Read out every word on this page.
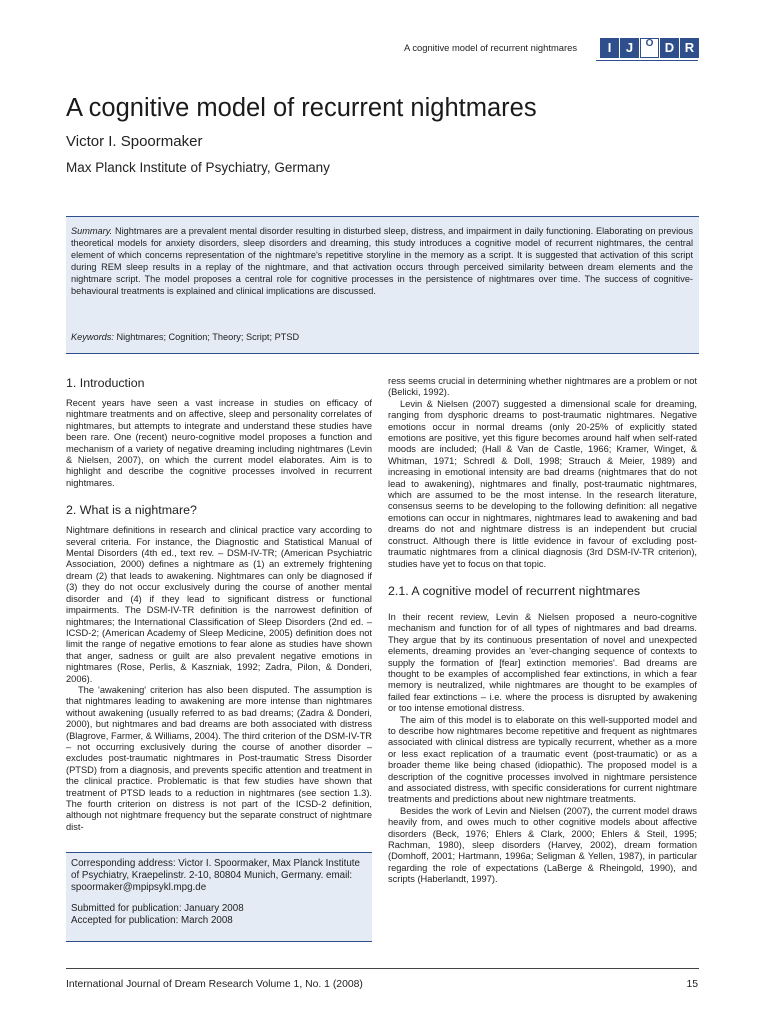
A cognitive model of recurrent nightmares	I	J	O D R
A cognitive model of recurrent nightmares
Victor I. Spoormaker
Max Planck Institute of Psychiatry, Germany
Summary. Nightmares are a prevalent mental disorder resulting in disturbed sleep, distress, and impairment in daily functioning. Elaborating on previous theoretical models for anxiety disorders, sleep disorders and dreaming, this study introduces a cognitive model of recurrent nightmares, the central element of which concerns representation of the nightmare's repetitive storyline in the memory as a script. It is suggested that activation of this script during REM sleep results in a replay of the nightmare, and that activation occurs through perceived similarity between dream elements and the nightmare script. The model proposes a central role for cognitive processes in the persistence of nightmares over time. The success of cognitive-behavioural treatments is explained and clinical implications are discussed.
Keywords: Nightmares; Cognition; Theory; Script; PTSD
1. Introduction

Recent years have seen a vast increase in studies on efficacy of nightmare treatments and on affective, sleep and personality correlates of nightmares, but attempts to integrate and understand these studies have been rare. One (recent) neuro-cognitive model proposes a function and mechanism of a variety of negative dreaming including nightmares (Levin & Nielsen, 2007), on which the current model elaborates. Aim is to highlight and describe the cognitive processes involved in recurrent nightmares.

2. What is a nightmare?

Nightmare definitions in research and clinical practice vary according to several criteria. For instance, the Diagnostic and Statistical Manual of Mental Disorders (4th ed., text rev. – DSM-IV-TR; (American Psychiatric Association, 2000) defines a nightmare as (1) an extremely frightening dream (2) that leads to awakening. Nightmares can only be diagnosed if (3) they do not occur exclusively during the course of another mental disorder and (4) if they lead to significant distress or functional impairments. The DSM-IV-TR definition is the narrowest definition of nightmares; the International Classification of Sleep Disorders (2nd ed. – ICSD-2; (American Academy of Sleep Medicine, 2005) definition does not limit the range of negative emotions to fear alone as studies have shown that anger, sadness or guilt are also prevalent negative emotions in nightmares (Rose, Perlis, & Kaszniak, 1992; Zadra, Pilon, & Donderi, 2006).

The 'awakening' criterion has also been disputed. The assumption is that nightmares leading to awakening are more intense than nightmares without awakening (usually referred to as bad dreams; (Zadra & Donderi, 2000), but nightmares and bad dreams are both associated with distress (Blagrove, Farmer, & Williams, 2004). The third criterion of the DSM-IV-TR – not occurring exclusively during the course of another disorder – excludes post-traumatic nightmares in Post-traumatic Stress Disorder (PTSD) from a diagnosis, and prevents specific attention and treatment in the clinical practice. Problematic is that few studies have shown that treatment of PTSD leads to a reduction in nightmares (see section 1.3). The fourth criterion on distress is not part of the ICSD-2 definition, although not nightmare frequency but the separate construct of nightmare dist-

Corresponding address: Victor I. Spoormaker, Max Planck Institute of Psychiatry, Kraepelinstr. 2-10, 80804 Munich, Germany. email: spoormaker@mpipsykl.mpg.de
Submitted for publication: January 2008
Accepted for publication: March 2008

ress seems crucial in determining whether nightmares are a problem or not (Belicki, 1992).

Levin & Nielsen (2007) suggested a dimensional scale for dreaming, ranging from dysphoric dreams to post-traumatic nightmares. Negative emotions occur in normal dreams (only 20-25% of explicitly stated emotions are positive, yet this figure becomes around half when self-rated moods are included; (Hall & Van de Castle, 1966; Kramer, Winget, & Whitman, 1971; Schredl & Doll, 1998; Strauch & Meier, 1989) and increasing in emotional intensity are bad dreams (nightmares that do not lead to awakening), nightmares and finally, post-traumatic nightmares, which are assumed to be the most intense. In the research literature, consensus seems to be developing to the following definition: all negative emotions can occur in nightmares, nightmares lead to awakening and bad dreams do not and nightmare distress is an independent but crucial construct. Although there is little evidence in favour of excluding post-traumatic nightmares from a clinical diagnosis (3rd DSM-IV-TR criterion), studies have yet to focus on that topic.

2.1. A cognitive model of recurrent nightmares

In their recent review, Levin & Nielsen proposed a neuro-cognitive mechanism and function for of all types of nightmares and bad dreams. They argue that by its continuous presentation of novel and unexpected elements, dreaming provides an 'ever-changing sequence of contexts to supply the formation of [fear] extinction memories'. Bad dreams are thought to be examples of accomplished fear extinctions, in which a fear memory is neutralized, while nightmares are thought to be examples of failed fear extinctions – i.e. where the process is disrupted by awakening or too intense emotional distress.

The aim of this model is to elaborate on this well-supported model and to describe how nightmares become repetitive and frequent as nightmares associated with clinical distress are typically recurrent, whether as a more or less exact replication of a traumatic event (post-traumatic) or as a broader theme like being chased (idiopathic). The proposed model is a description of the cognitive processes involved in nightmare persistence and associated distress, with specific considerations for current nightmare treatments and predictions about new nightmare treatments.

Besides the work of Levin and Nielsen (2007), the current model draws heavily from, and owes much to other cognitive models about affective disorders (Beck, 1976; Ehlers & Clark, 2000; Ehlers & Steil, 1995; Rachman, 1980), sleep disorders (Harvey, 2002), dream formation (Domhoff, 2001; Hartmann, 1996a; Seligman & Yellen, 1987), in particular regarding the role of expectations (LaBerge & Rheingold, 1990), and scripts (Haberlandt, 1997).

International Journal of Dream Research Volume 1, No. 1 (2008)	15
